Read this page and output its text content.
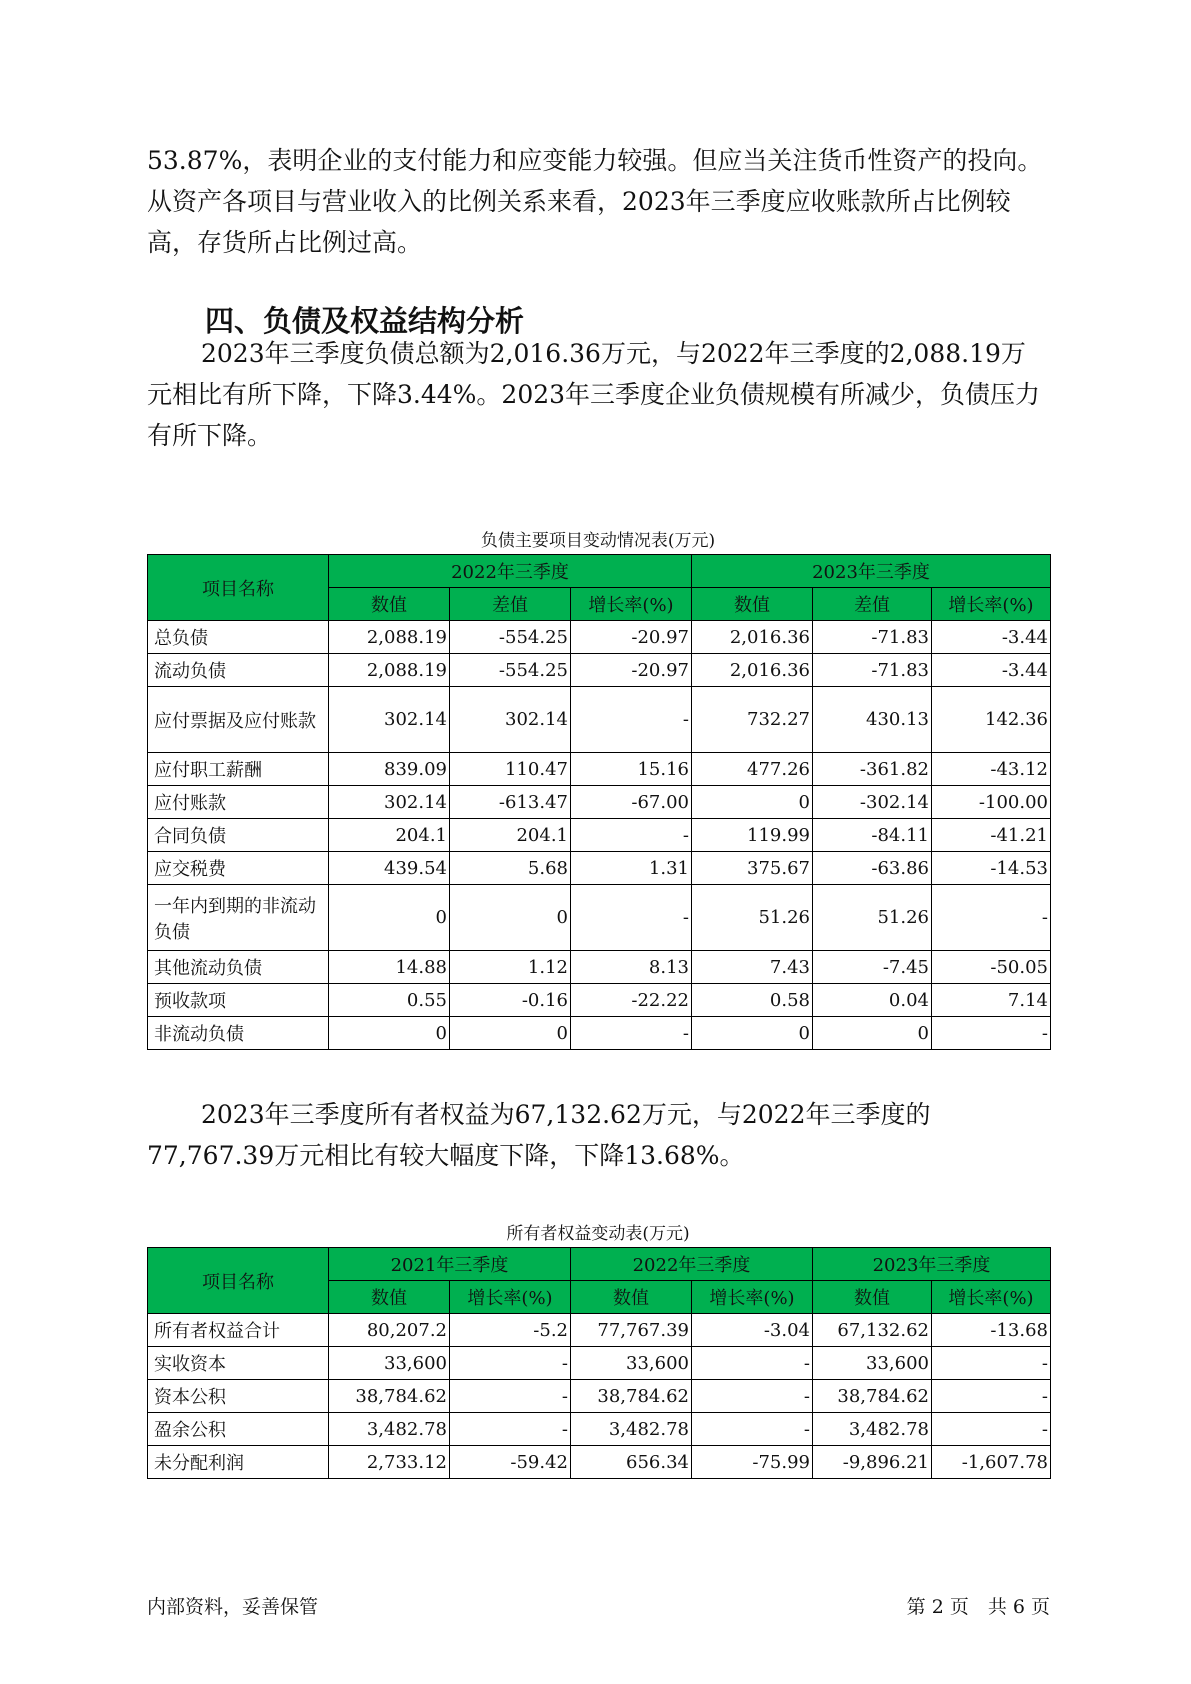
53.87%，表明企业的支付能力和应变能力较强。但应当关注货币性资产的投向。从资产各项目与营业收入的比例关系来看，2023年三季度应收账款所占比例较高，存货所占比例过高。

四、负债及权益结构分析

2023年三季度负债总额为2,016.36万元，与2022年三季度的2,088.19万元相比有所下降，下降3.44%。2023年三季度企业负债规模有所减少，负债压力有所下降。

负债主要项目变动情况表(万元)
项目名称	2022年三季度			2023年三季度		
	数值	差值	增长率(%)	数值	差值	增长率(%)
总负债	2,088.19	-554.25	-20.97	2,016.36	-71.83	-3.44
流动负债	2,088.19	-554.25	-20.97	2,016.36	-71.83	-3.44
应付票据及应付账款	302.14	302.14	-	732.27	430.13	142.36
应付职工薪酬	839.09	110.47	15.16	477.26	-361.82	-43.12
应付账款	302.14	-613.47	-67.00	0	-302.14	-100.00
合同负债	204.1	204.1	-	119.99	-84.11	-41.21
应交税费	439.54	5.68	1.31	375.67	-63.86	-14.53
一年内到期的非流动负债	0	0	-	51.26	51.26	-
其他流动负债	14.88	1.12	8.13	7.43	-7.45	-50.05
预收款项	0.55	-0.16	-22.22	0.58	0.04	7.14
非流动负债	0	0	-	0	0	-

2023年三季度所有者权益为67,132.62万元，与2022年三季度的77,767.39万元相比有较大幅度下降，下降13.68%。

所有者权益变动表(万元)
项目名称	2021年三季度		2022年三季度		2023年三季度	
	数值	增长率(%)	数值	增长率(%)	数值	增长率(%)
所有者权益合计	80,207.2	-5.2	77,767.39	-3.04	67,132.62	-13.68
实收资本	33,600	-	33,600	-	33,600	-
资本公积	38,784.62	-	38,784.62	-	38,784.62	-
盈余公积	3,482.78	-	3,482.78	-	3,482.78	-
未分配利润	2,733.12	-59.42	656.34	-75.99	-9,896.21	-1,607.78
内部资料，妥善保管	第 2 页　共 6 页
